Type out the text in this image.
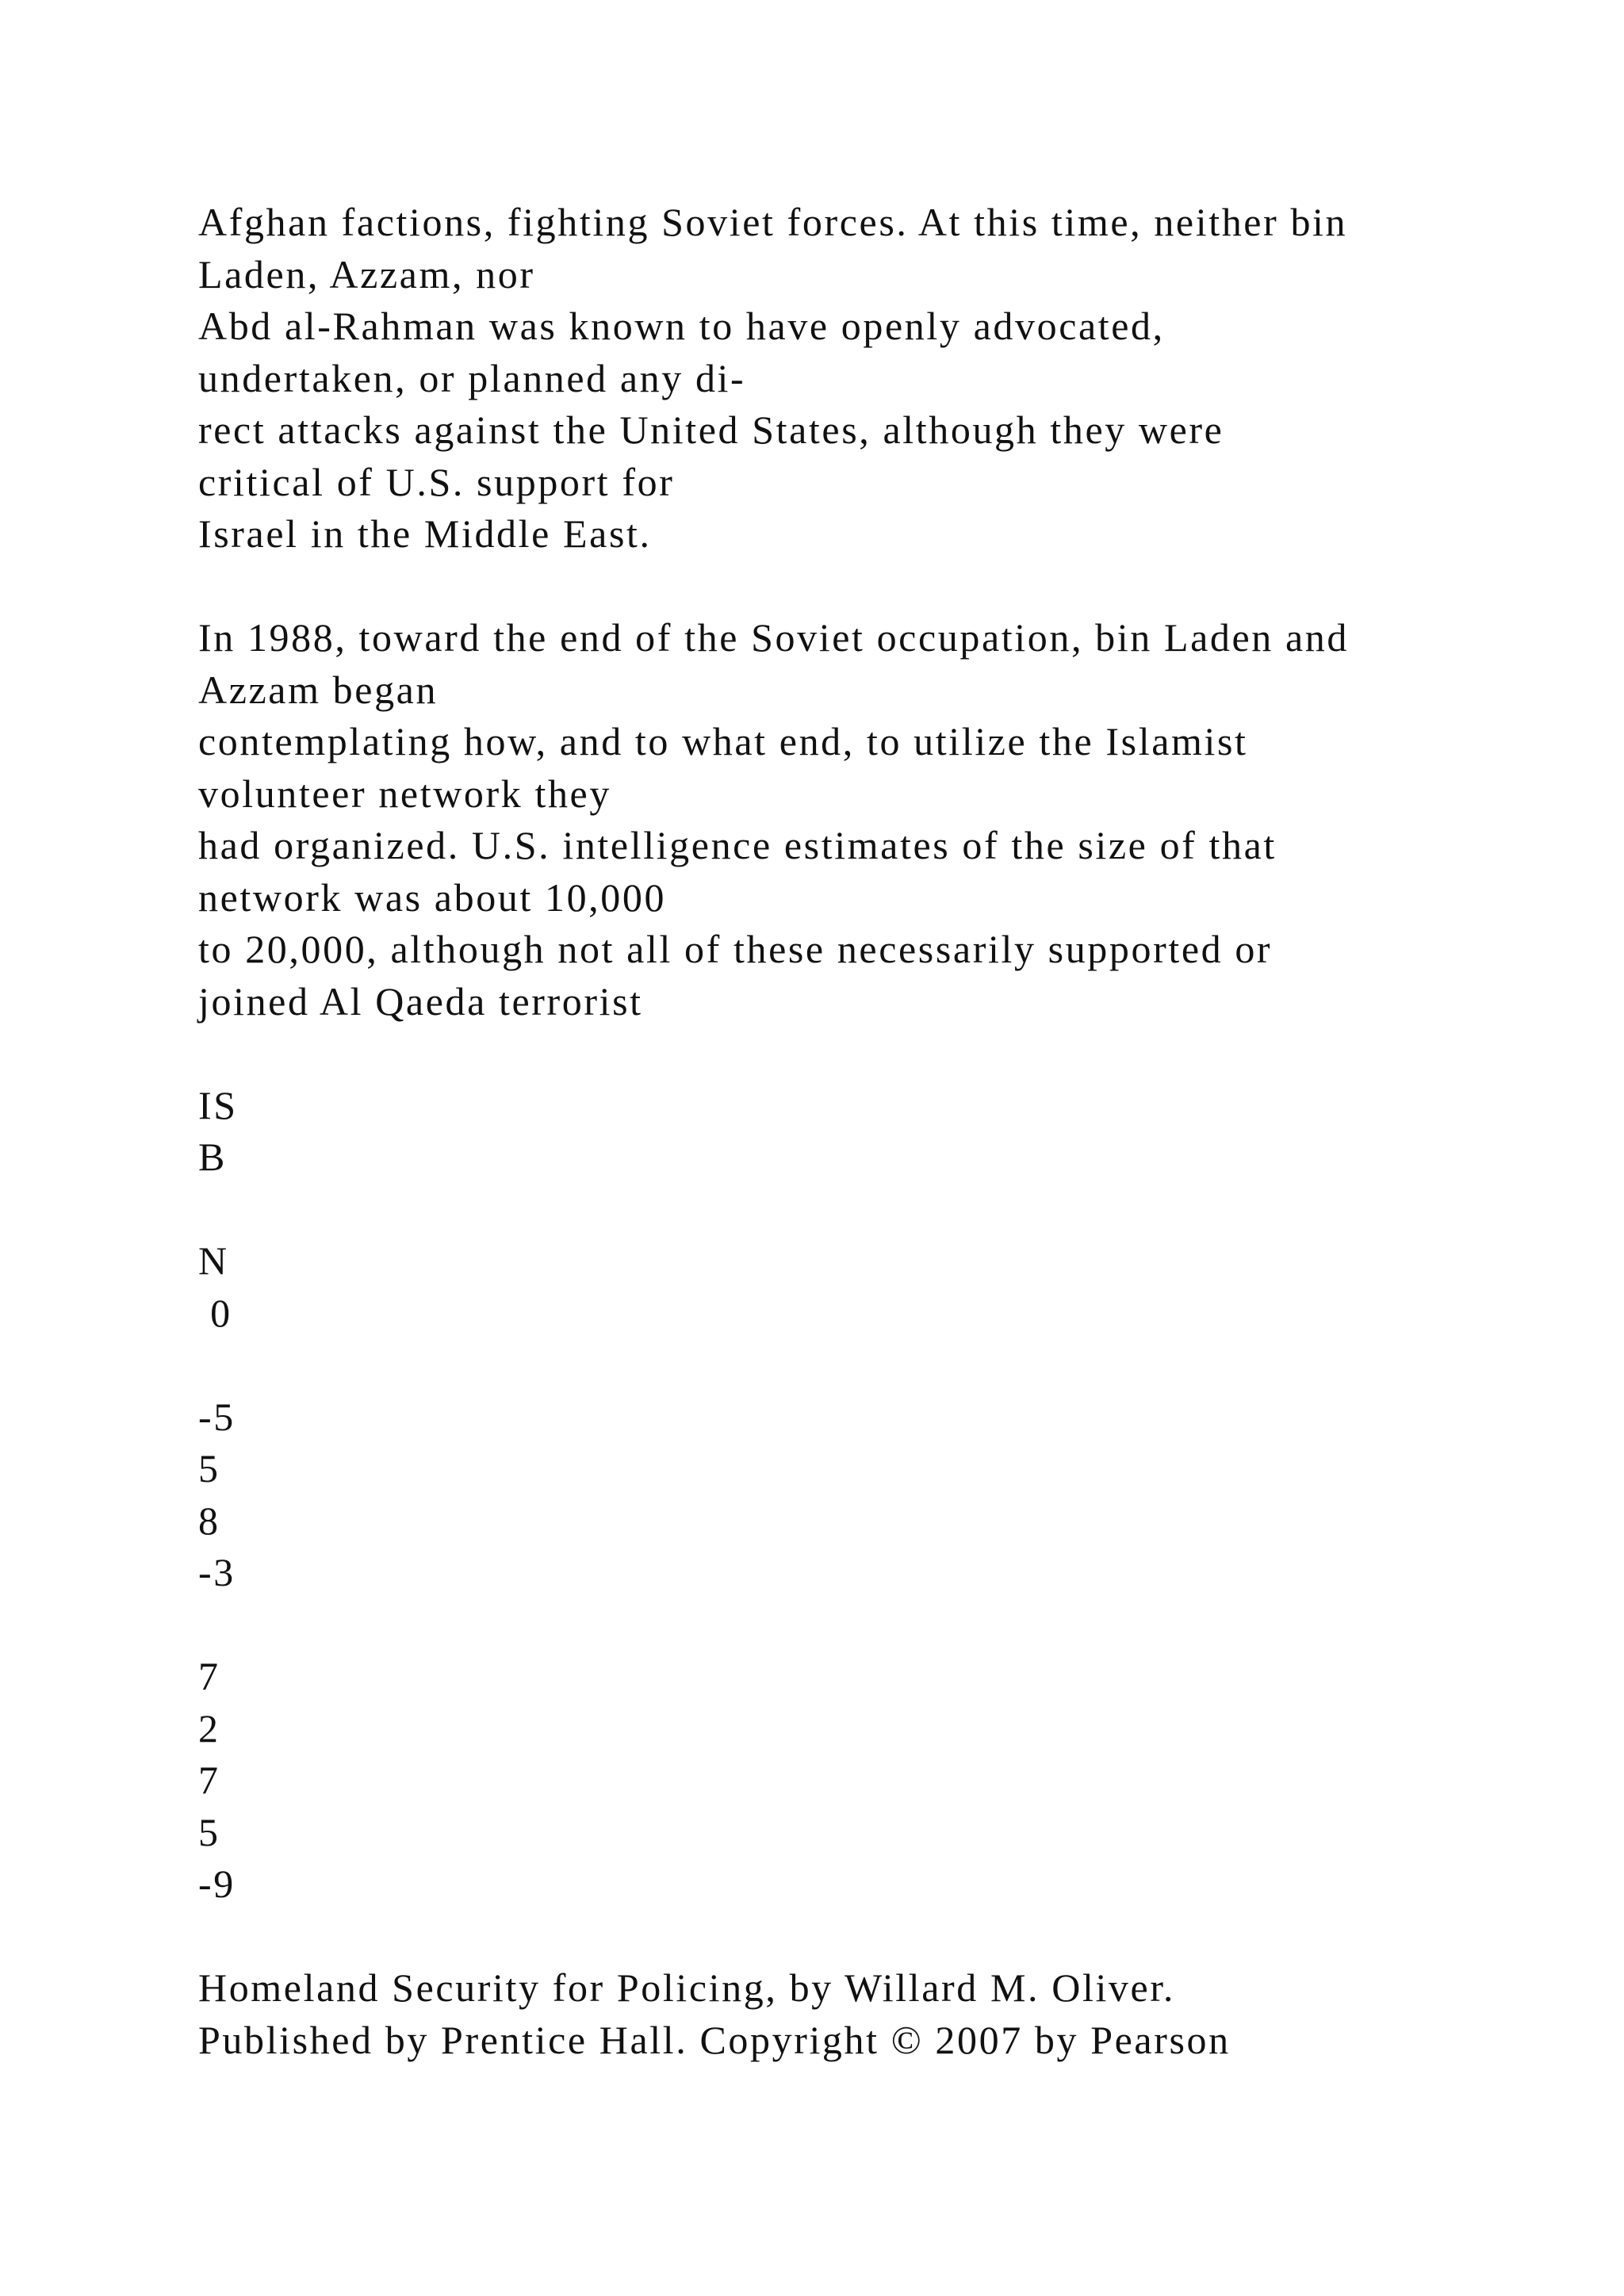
Afghan factions, fighting Soviet forces. At this time, neither bin
Laden, Azzam, nor
Abd al-Rahman was known to have openly advocated,
undertaken, or planned any di-
rect attacks against the United States, although they were
critical of U.S. support for
Israel in the Middle East.
In 1988, toward the end of the Soviet occupation, bin Laden and
Azzam began
contemplating how, and to what end, to utilize the Islamist
volunteer network they
had organized. U.S. intelligence estimates of the size of that
network was about 10,000
to 20,000, although not all of these necessarily supported or
joined Al Qaeda terrorist
IS
B
N
0
-5
5
8
-3
7
2
7
5
-9
Homeland Security for Policing, by Willard M. Oliver.
Published by Prentice Hall. Copyright © 2007 by Pearson
